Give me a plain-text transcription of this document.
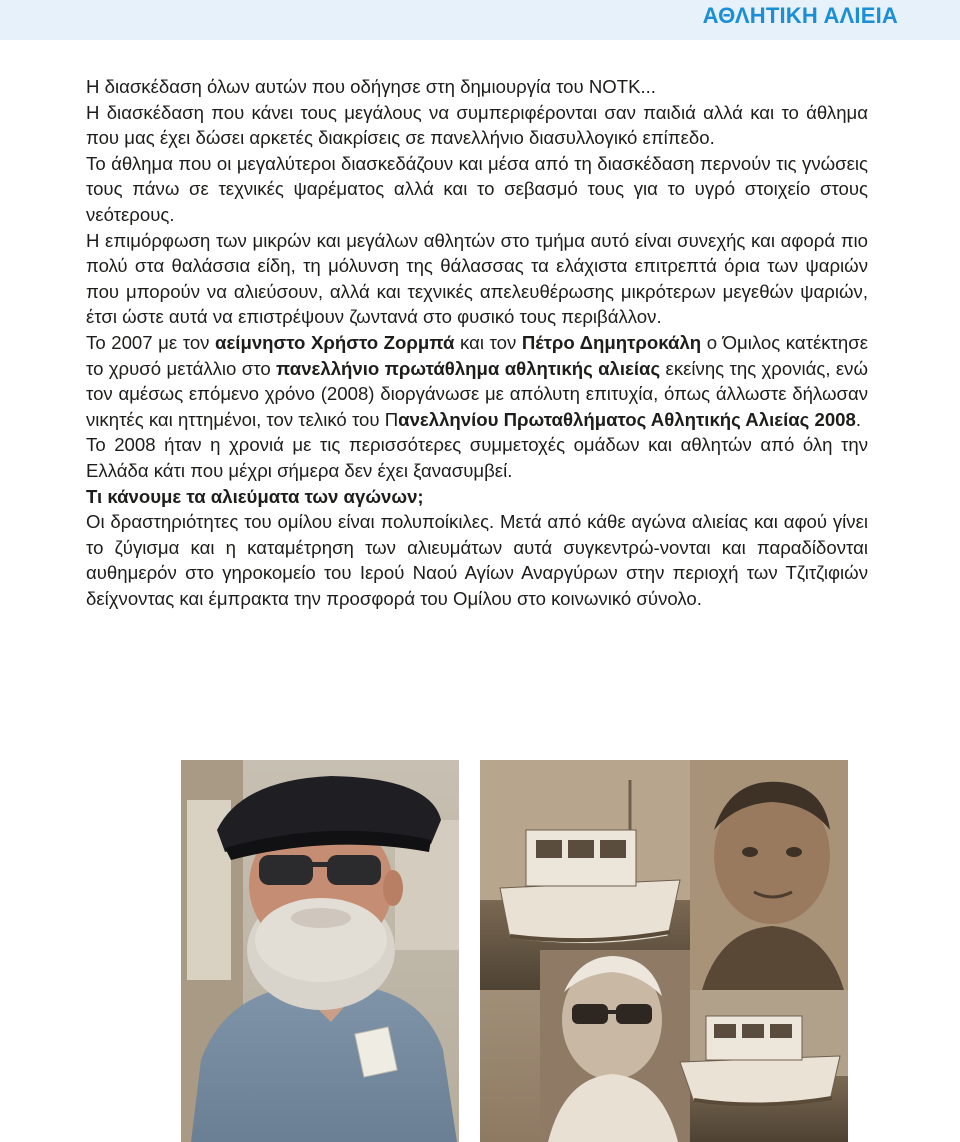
ΑΘΛΗΤΙΚΗ ΑΛΙΕΙΑ

Η διασκέδαση όλων αυτών που οδήγησε στη δημιουργία του ΝΟΤΚ...

Η διασκέδαση που κάνει τους μεγάλους να συμπεριφέρονται σαν παιδιά αλλά και το άθλημα που μας έχει δώσει αρκετές διακρίσεις σε πανελλήνιο διασυλλογικό επίπεδο.

Το άθλημα που οι μεγαλύτεροι διασκεδάζουν και μέσα από τη διασκέδαση περνούν τις γνώσεις τους πάνω σε τεχνικές ψαρέματος αλλά και το σεβασμό τους για το υγρό στοιχείο στους νεότερους.

Η επιμόρφωση των μικρών και μεγάλων αθλητών στο τμήμα αυτό είναι συνεχής και αφορά πιο πολύ στα θαλάσσια είδη, τη μόλυνση της θάλασσας τα ελάχιστα επιτρεπτά όρια των ψαριών που μπορούν να αλιεύσουν, αλλά και τεχνικές απελευθέρωσης μικρότερων μεγεθών ψαριών, έτσι ώστε αυτά να επιστρέψουν ζωντανά στο φυσικό τους περιβάλλον.

Το 2007 με τον αείμνηστο Χρήστο Ζορμπά και τον Πέτρο Δημητροκάλη ο Όμιλος κατέκτησε το χρυσό μετάλλιο στο πανελλήνιο πρωτάθλημα αθλητικής αλιείας εκείνης της χρονιάς, ενώ τον αμέσως επόμενο χρόνο (2008) διοργάνωσε με απόλυτη επιτυχία, όπως άλλωστε δήλωσαν νικητές και ηττημένοι, τον τελικό του Πανελληνίου Πρωταθλήματος Αθλητικής Αλιείας 2008.

Το 2008 ήταν η χρονιά με τις περισσότερες συμμετοχές ομάδων και αθλητών από όλη την Ελλάδα κάτι που μέχρι σήμερα δεν έχει ξανασυμβεί.

Τι κάνουμε τα αλιεύματα των αγώνων;

Οι δραστηριότητες του ομίλου είναι πολυποίκιλες. Μετά από κάθε αγώνα αλιείας και αφού γίνει το ζύγισμα και η καταμέτρηση των αλιευμάτων αυτά συγκεντρώ-νονται και παραδίδονται αυθημερόν στο γηροκομείο του Ιερού Ναού Αγίων Αναργύρων στην περιοχή των Τζιτζιφιών δείχνοντας και έμπρακτα την προσφορά του Ομίλου στο κοινωνικό σύνολο.
